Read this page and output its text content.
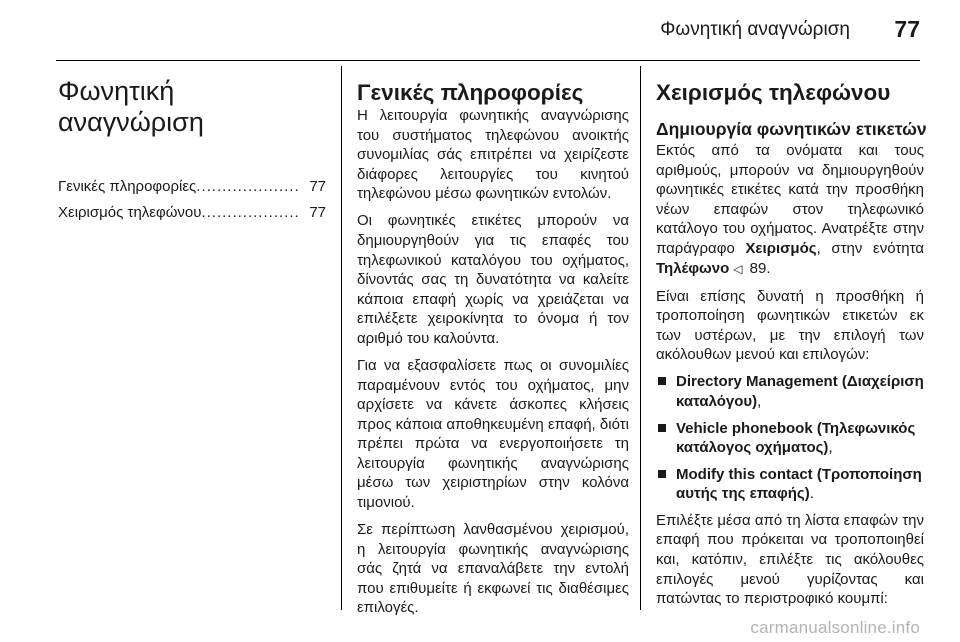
Φωνητική αναγνώριση 77
Φωνητική
αναγνώριση
Γενικές πληροφορίες .................... 77
Χειρισμός τηλεφώνου ................... 77
Γενικές πληροφορίες

Η λειτουργία φωνητικής αναγνώρισης του συστήματος τηλεφώνου ανοικτής συνομιλίας σάς επιτρέπει να χειρίζεστε διάφορες λειτουργίες του κινητού τηλεφώνου μέσω φωνητικών εντολών.

Οι φωνητικές ετικέτες μπορούν να δημιουργηθούν για τις επαφές του τηλεφωνικού καταλόγου του οχήματος, δίνοντάς σας τη δυνατότητα να καλείτε κάποια επαφή χωρίς να χρειάζεται να επιλέξετε χειροκίνητα το όνομα ή τον αριθμό του καλούντα.

Για να εξασφαλίσετε πως οι συνομιλίες παραμένουν εντός του οχήματος, μην αρχίσετε να κάνετε άσκοπες κλήσεις προς κάποια αποθηκευμένη επαφή, διότι πρέπει πρώτα να ενεργοποιήσετε τη λειτουργία φωνητικής αναγνώρισης μέσω των χειριστηρίων στην κολόνα τιμονιού.

Σε περίπτωση λανθασμένου χειρισμού, η λειτουργία φωνητικής αναγνώρισης σάς ζητά να επαναλάβετε την εντολή που επιθυμείτε ή εκφωνεί τις διαθέσιμες επιλογές.

Χειρισμός τηλεφώνου
Δημιουργία φωνητικών ετικετών

Εκτός από τα ονόματα και τους αριθμούς, μπορούν να δημιουργηθούν φωνητικές ετικέτες κατά την προσθήκη νέων επαφών στον τηλεφωνικό κατάλογο του οχήματος. Ανατρέξτε στην παράγραφο Χειρισμός, στην ενότητα Τηλέφωνο ◁ 89.

Είναι επίσης δυνατή η προσθήκη ή τροποποίηση φωνητικών ετικετών εκ των υστέρων, με την επιλογή των ακόλουθων μενού και επιλογών:

Directory Management (Διαχείριση καταλόγου),
Vehicle phonebook (Τηλεφωνικός κατάλογος οχήματος),
Modify this contact (Τροποποίηση αυτής της επαφής).

Επιλέξτε μέσα από τη λίστα επαφών την επαφή που πρόκειται να τροποποιηθεί και, κατόπιν, επιλέξτε τις ακόλουθες επιλογές μενού γυρίζοντας και πατώντας το περιστροφικό κουμπί:

carmanualsonline.info
